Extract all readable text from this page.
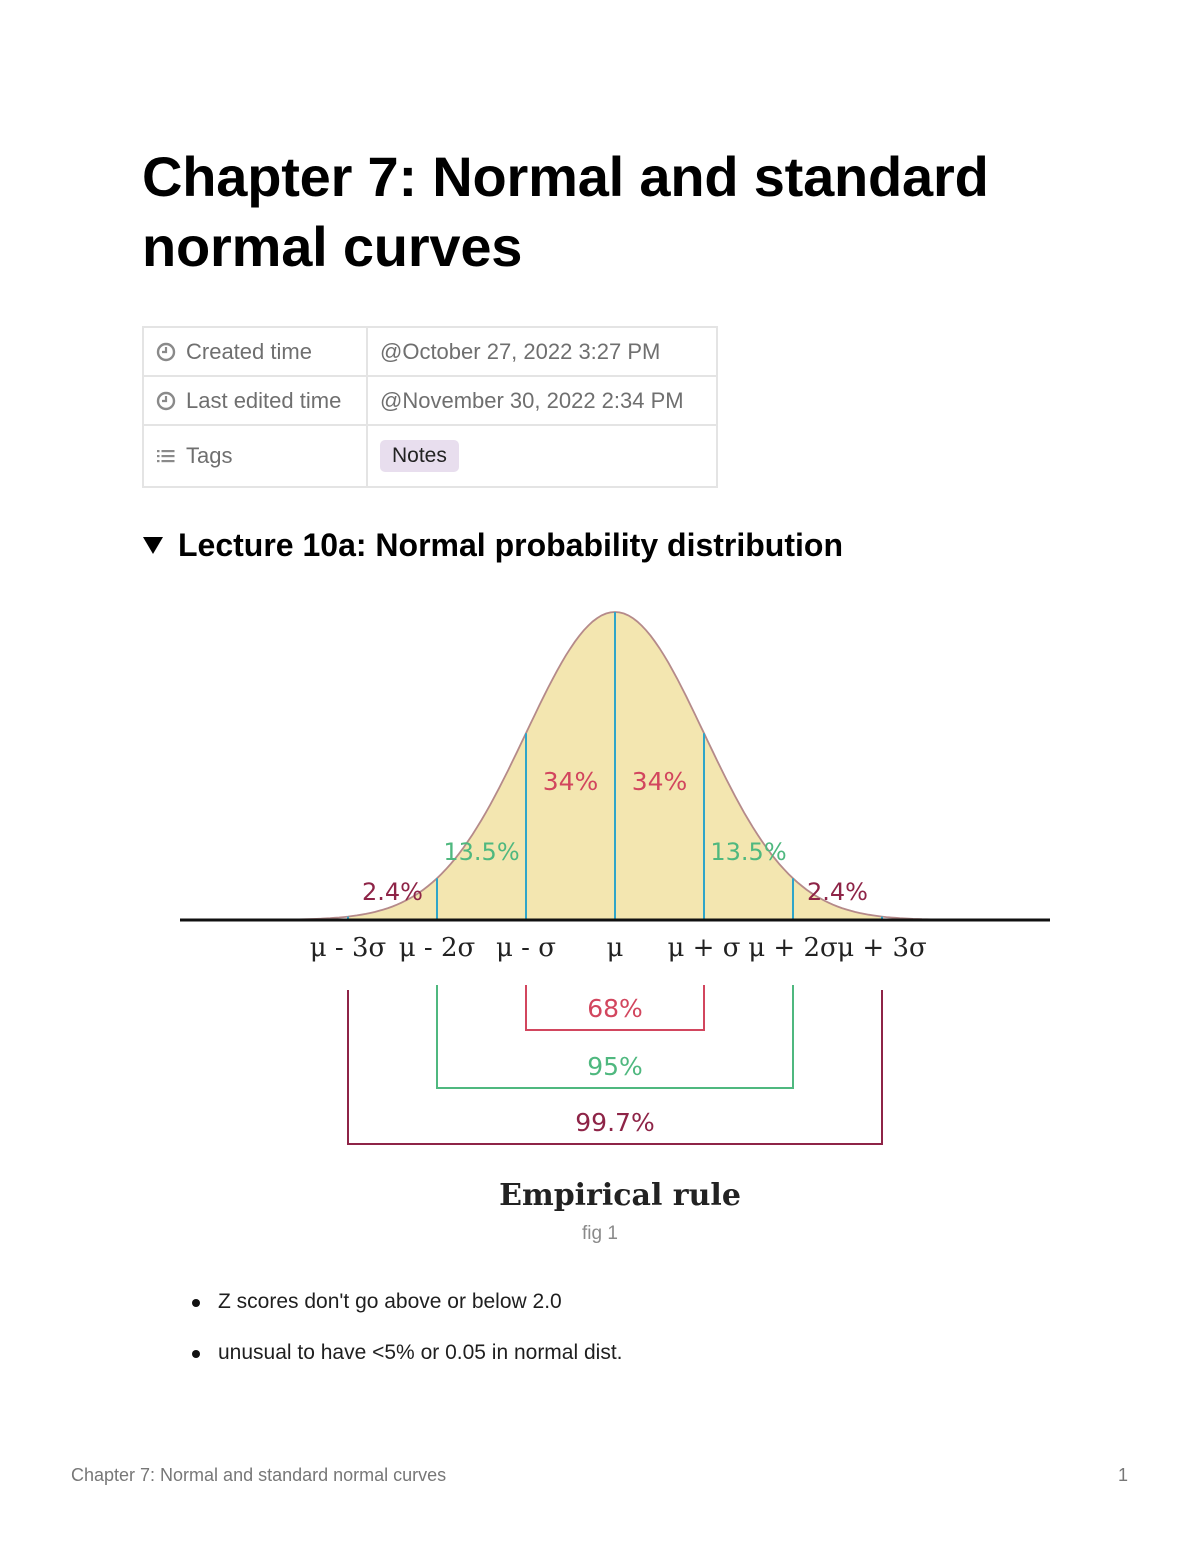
Chapter 7: Normal and standard normal curves
Created time	@October 27, 2022 3:27 PM
Last edited time	@November 30, 2022 2:34 PM
Tags	Notes
Lecture 10a: Normal probability distribution
μ - 3σ μ - 2σ μ - σ μ μ + σ μ + 2σ μ + 3σ
2.4%
13.5%
34% 34%
13.5%
2.4%
68%
95%
99.7%
Empirical rule
fig 1
Z scores don't go above or below 2.0
unusual to have <5% or 0.05 in normal dist.
Chapter 7: Normal and standard normal curves	1
